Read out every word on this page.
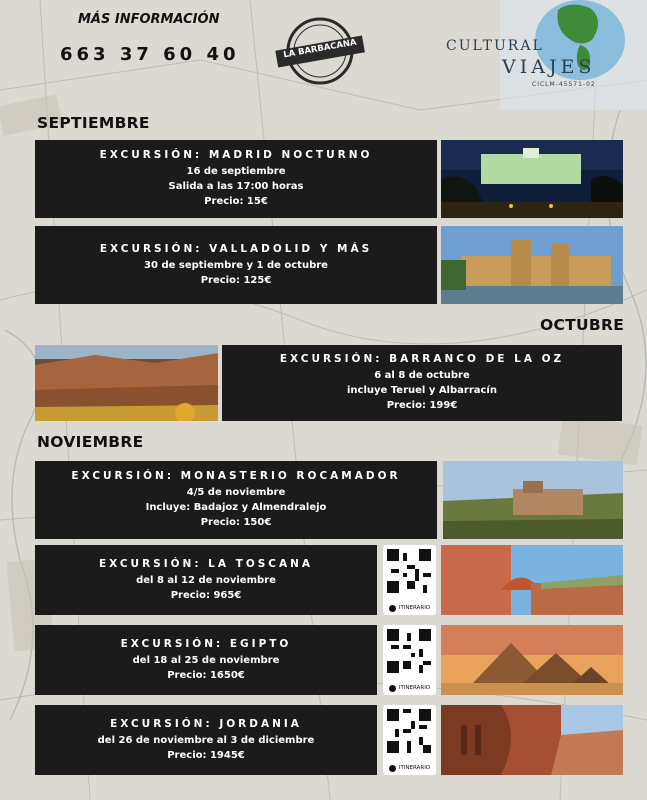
MÁS INFORMACIÓN
663 37 60 40	LA BARBACANA	CULTURAL
VIAJES
CICLM-45571-02
SEPTIEMBRE
OCTUBRE
NOVIEMBRE
EXCURSIÓN: MADRID NOCTURNO
16 de septiembre
Salida a las 17:00 horas
Precio: 15€
EXCURSIÓN: VALLADOLID Y MÁS
30 de septiembre y 1 de octubre
Precio: 125€
EXCURSIÓN: BARRANCO DE LA OZ
6 al 8 de octubre
incluye Teruel y Albarracín
Precio: 199€
EXCURSIÓN: MONASTERIO ROCAMADOR
4/5 de noviembre
Incluye: Badajoz y Almendralejo
Precio: 150€
EXCURSIÓN: LA TOSCANA
del 8 al 12 de noviembre
Precio: 965€
ITINERARIO
EXCURSIÓN: EGIPTO
del 18 al 25 de noviembre
Precio: 1650€
ITINERARIO
EXCURSIÓN: JORDANIA
del 26 de noviembre al 3 de diciembre
Precio: 1945€
ITINERARIO
